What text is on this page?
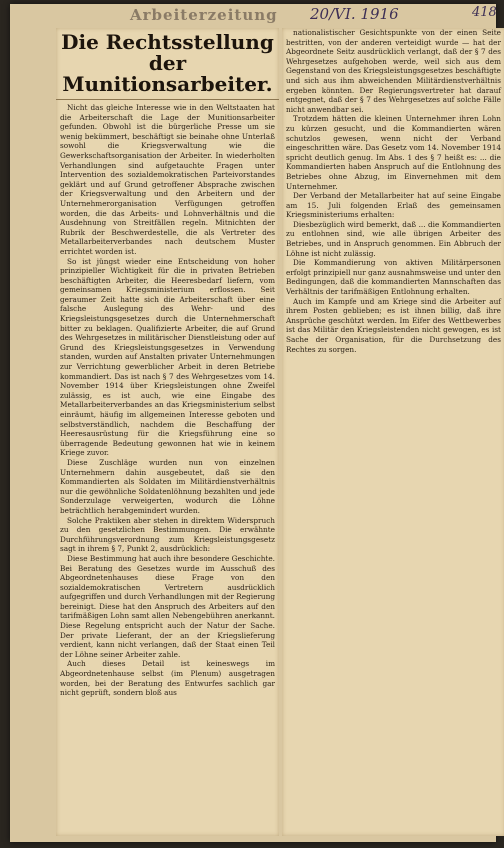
Arbeiterzeitung 20/VI. 1916	418
Die Rechtsstellung der
Munitionsarbeiter.

Nicht das gleiche Interesse wie in den Weltstaaten hat die Arbeiterschaft die Lage der Munitionsarbeiter gefunden. Obwohl ist die bürgerliche Presse um sie wenig bekümmert, beschäftigt sie beinahe ohne Unterlaß sowohl die Kriegsverwaltung wie die Gewerkschaftsorganisation der Arbeiter. In wiederholten Verhandlungen sind aufgetauchte Fragen unter Intervention des sozialdemokratischen Parteivorstandes geklärt und auf Grund getroffener Absprache zwischen der Kriegsverwaltung und den Arbeitern und der Unternehmerorganisation Verfügungen getroffen worden, die das Arbeits- und Lohnverhältnis und die Ausdehnung von Streitfällen regeln. Mitnichten der Rubrik der Beschwerdestelle, die als Vertreter des Metallarbeiterverbandes nach deutschem Muster errichtet worden ist.

So ist jüngst wieder eine Entscheidung von hoher prinzipieller Wichtigkeit für die in privaten Betrieben beschäftigten Arbeiter, die Heeresbedarf liefern, vom gemeinsamen Kriegsministerium erflossen. Seit geraumer Zeit hatte sich die Arbeiterschaft über eine falsche Auslegung des Wehr- und des Kriegsleistungsgesetzes durch die Unternehmerschaft bitter zu beklagen. Qualifizierte Arbeiter, die auf Grund des Wehrgesetzes in militärischer Dienstleistung oder auf Grund des Kriegsleistungsgesetzes in Verwendung standen, wurden auf Anstalten privater Unternehmungen zur Verrichtung gewerblicher Arbeit in deren Betriebe kommandiert. Das ist nach § 7 des Wehrgesetzes vom 14. November 1914 über Kriegsleistungen ohne Zweifel zulässig, es ist auch, wie eine Eingabe des Metallarbeiterverbandes an das Kriegsministerium selbst einräumt, häufig im allgemeinen Interesse geboten und selbstverständlich, nachdem die Beschaffung der Heeresausrüstung für die Kriegsführung eine so überragende Bedeutung gewonnen hat wie in keinem Kriege zuvor.

Diese Zuschläge wurden nun von einzelnen Unternehmern dahin ausgebeutet, daß sie den Kommandierten als Soldaten im Militärdienstverhältnis nur die gewöhnliche Soldatenlöhnung bezahlten und jede Sonderzulage verweigerten, wodurch die Löhne beträchtlich herabgemindert wurden.

Solche Praktiken aber stehen in direktem Widerspruch zu den gesetzlichen Bestimmungen. Die erwähnte Durchführungsverordnung zum Kriegsleistungsgesetz sagt in ihrem § 7, Punkt 2, ausdrücklich:

Diese Bestimmung hat auch ihre besondere Geschichte. Bei Beratung des Gesetzes wurde im Ausschuß des Abgeordnetenhauses diese Frage von den sozialdemokratischen Vertretern ausdrücklich aufgegriffen und durch Verhandlungen mit der Regierung bereinigt. Diese hat den Anspruch des Arbeiters auf den tarifmäßigen Lohn samt allen Nebengebühren anerkannt. Diese Regelung entspricht auch der Natur der Sache. Der private Lieferant, der an der Kriegslieferung verdient, kann nicht verlangen, daß der Staat einen Teil der Löhne seiner Arbeiter zahle.

Auch dieses Detail ist keineswegs im Abgeordnetenhause selbst (im Plenum) ausgetragen worden, bei der Beratung des Entwurfes sachlich gar nicht geprüft, sondern bloß aus

nationalistischer Gesichtspunkte von der einen Seite bestritten, von der anderen verteidigt wurde — hat der Abgeordnete Seitz ausdrücklich verlangt, daß der § 7 des Wehrgesetzes aufgehoben werde, weil sich aus dem Gegenstand von des Kriegsleistungsgesetzes beschäftigte und sich aus ihm abweichenden Militärdienstverhältnis ergeben könnten. Der Regierungsvertreter hat darauf entgegnet, daß der § 7 des Wehrgesetzes auf solche Fälle nicht anwendbar sei.

Trotzdem hätten die kleinen Unternehmer ihren Lohn zu kürzen gesucht, und die Kommandierten wären schutzlos gewesen, wenn nicht der Verband eingeschritten wäre. Das Gesetz vom 14. November 1914 spricht deutlich genug. Im Abs. 1 des § 7 heißt es: ... die Kommandierten haben Anspruch auf die Entlohnung des Betriebes ohne Abzug, im Einvernehmen mit dem Unternehmer.

Der Verband der Metallarbeiter hat auf seine Eingabe am 15. Juli folgenden Erlaß des gemeinsamen Kriegsministeriums erhalten:

Diesbezüglich wird bemerkt, daß ... die Kommandierten zu entlohnen sind, wie alle übrigen Arbeiter des Betriebes, und in Anspruch genommen. Ein Abbruch der Löhne ist nicht zulässig.

Die Kommandierung von aktiven Militärpersonen erfolgt prinzipiell nur ganz ausnahmsweise und unter den Bedingungen, daß die kommandierten Mannschaften das Verhältnis der tarifmäßigen Entlohnung erhalten.

Auch im Kampfe und am Kriege sind die Arbeiter auf ihrem Posten geblieben; es ist ihnen billig, daß ihre Ansprüche geschützt werden. Im Eifer des Wettbewerbes ist das Militär den Kriegsleistenden nicht gewogen, es ist Sache der Organisation, für die Durchsetzung des Rechtes zu sorgen.
